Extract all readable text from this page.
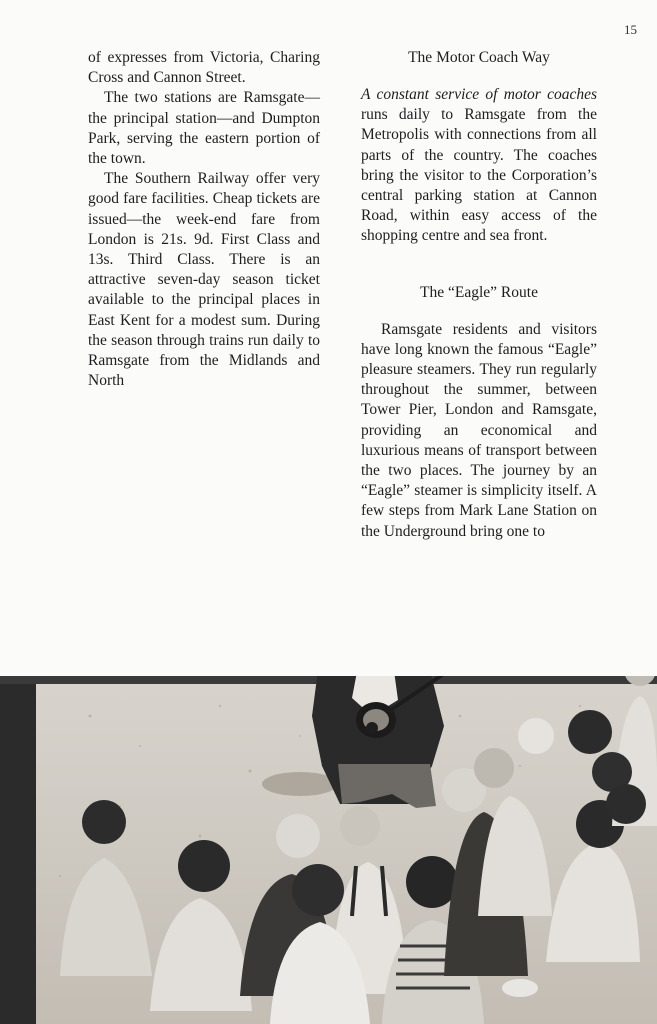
15

of expresses from Victoria, Charing Cross and Cannon Street.

The two stations are Ramsgate—the principal station—and Dumpton Park, serving the eastern portion of the town.

The Southern Railway offer very good fare facilities. Cheap tickets are issued—the week-end fare from London is 21s. 9d. First Class and 13s. Third Class. There is an attractive seven-day season ticket available to the principal places in East Kent for a modest sum. During the season through trains run daily to Ramsgate from the Midlands and North

The Motor Coach Way

A constant service of motor coaches runs daily to Ramsgate from the Metropolis with connections from all parts of the country. The coaches bring the visitor to the Corporation’s central parking station at Cannon Road, within easy access of the shopping centre and sea front.

The “Eagle” Route

Ramsgate residents and visitors have long known the famous “Eagle” pleasure steamers. They run regularly throughout the summer, between Tower Pier, London and Ramsgate, providing an economical and luxurious means of transport between the two places. The journey by an “Eagle” steamer is simplicity itself. A few steps from Mark Lane Station on the Underground bring one to
